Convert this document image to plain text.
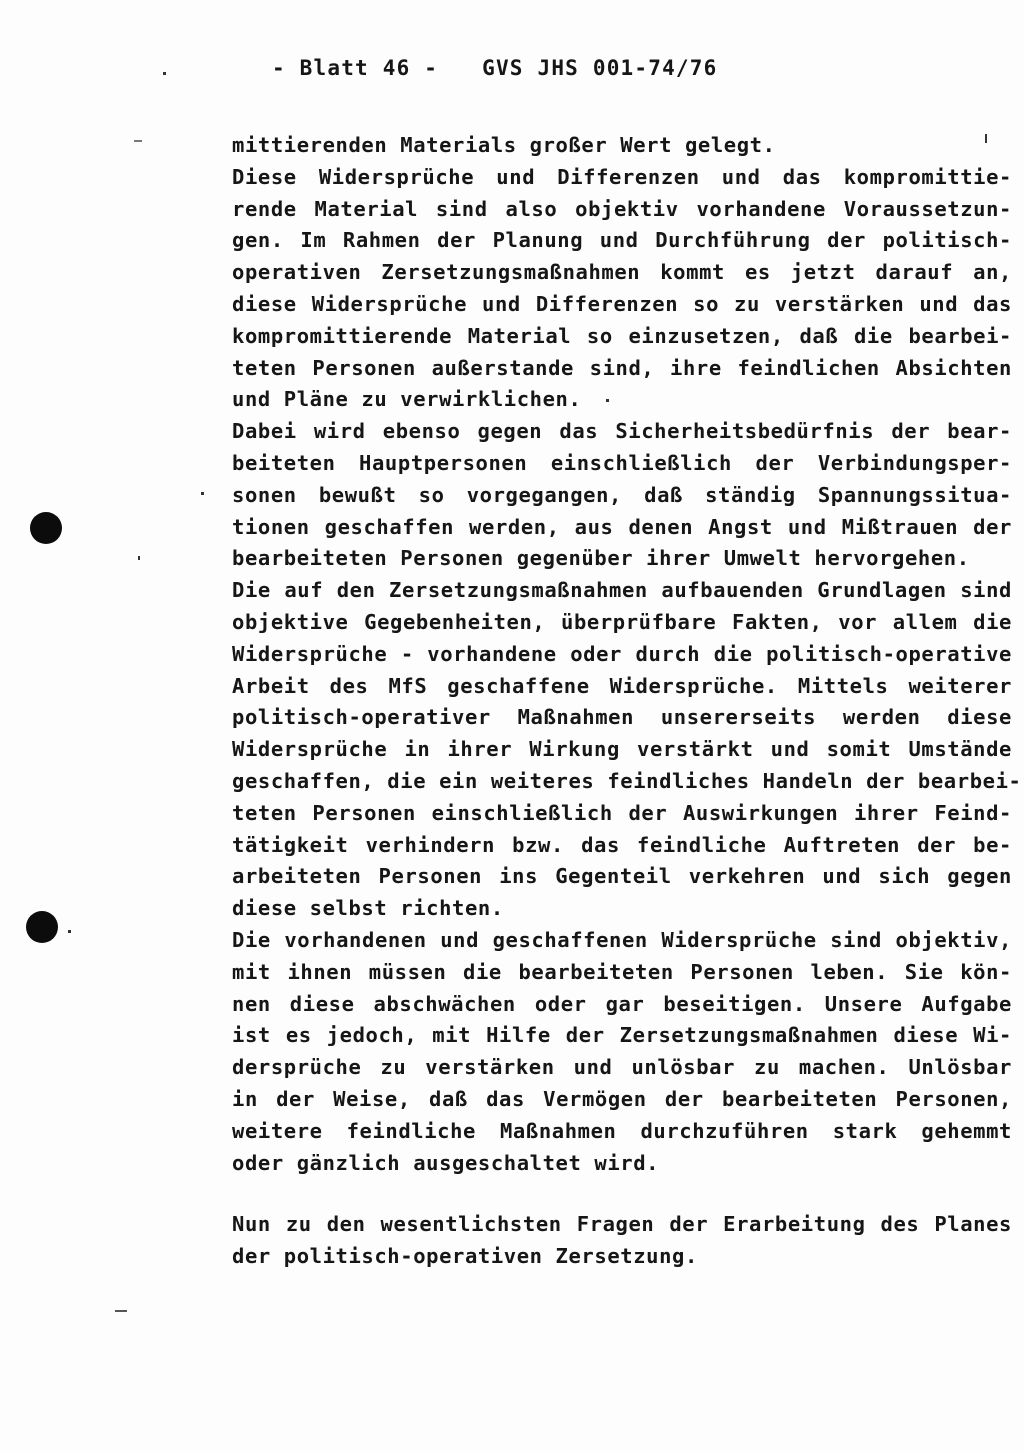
- Blatt 46 - GVS JHS 001-74/76
mittierenden Materials großer Wert gelegt.
Diese Widersprüche und Differenzen und das kompromittie-
rende Material sind also objektiv vorhandene Voraussetzun-
gen. Im Rahmen der Planung und Durchführung der politisch-
operativen Zersetzungsmaßnahmen kommt es jetzt darauf an,
diese Widersprüche und Differenzen so zu verstärken und das
kompromittierende Material so einzusetzen, daß die bearbei-
teten Personen außerstande sind, ihre feindlichen Absichten
und Pläne zu verwirklichen.
Dabei wird ebenso gegen das Sicherheitsbedürfnis der bear-
beiteten Hauptpersonen einschließlich der Verbindungsper-
sonen bewußt so vorgegangen, daß ständig Spannungssitua-
tionen geschaffen werden, aus denen Angst und Mißtrauen der
bearbeiteten Personen gegenüber ihrer Umwelt hervorgehen.
Die auf den Zersetzungsmaßnahmen aufbauenden Grundlagen sind
objektive Gegebenheiten, überprüfbare Fakten, vor allem die
Widersprüche - vorhandene oder durch die politisch-operative
Arbeit des MfS geschaffene Widersprüche. Mittels weiterer
politisch-operativer Maßnahmen unsererseits werden diese
Widersprüche in ihrer Wirkung verstärkt und somit Umstände
geschaffen, die ein weiteres feindliches Handeln der bearbei-
teten Personen einschließlich der Auswirkungen ihrer Feind-
tätigkeit verhindern bzw. das feindliche Auftreten der be-
arbeiteten Personen ins Gegenteil verkehren und sich gegen
diese selbst richten.
Die vorhandenen und geschaffenen Widersprüche sind objektiv,
mit ihnen müssen die bearbeiteten Personen leben. Sie kön-
nen diese abschwächen oder gar beseitigen. Unsere Aufgabe
ist es jedoch, mit Hilfe der Zersetzungsmaßnahmen diese Wi-
dersprüche zu verstärken und unlösbar zu machen. Unlösbar
in der Weise, daß das Vermögen der bearbeiteten Personen,
weitere feindliche Maßnahmen durchzuführen stark gehemmt
oder gänzlich ausgeschaltet wird.
Nun zu den wesentlichsten Fragen der Erarbeitung des Planes
der politisch-operativen Zersetzung.
